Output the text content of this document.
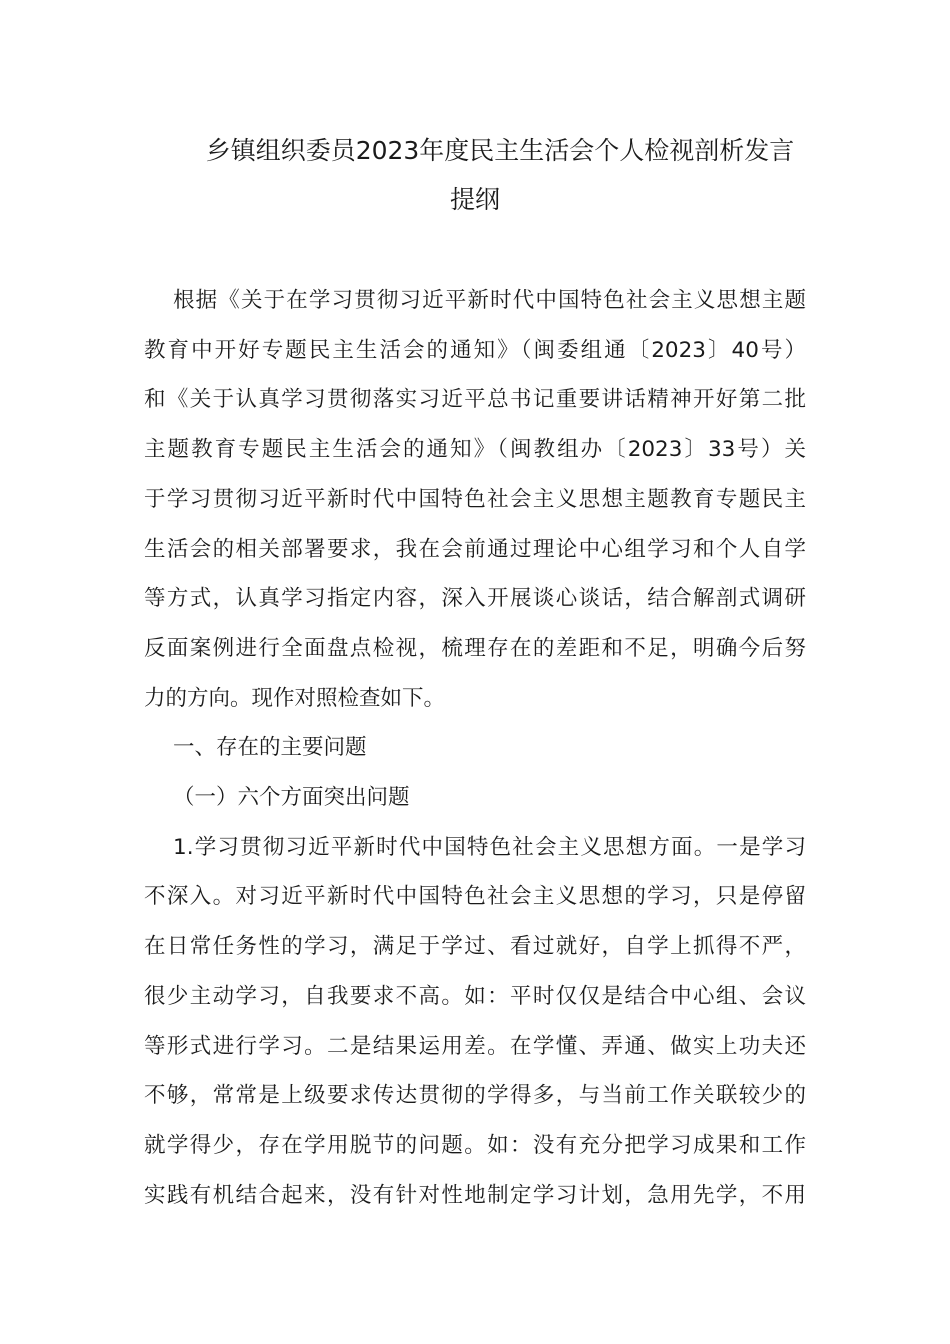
乡镇组织委员2023年度民主生活会个人检视剖析发言
提纲
根据《关于在学习贯彻习近平新时代中国特色社会主义思想主题
教育中开好专题民主生活会的通知》（闽委组通〔2023〕40号）
和《关于认真学习贯彻落实习近平总书记重要讲话精神开好第二批
主题教育专题民主生活会的通知》（闽教组办〔2023〕33号）关
于学习贯彻习近平新时代中国特色社会主义思想主题教育专题民主
生活会的相关部署要求，我在会前通过理论中心组学习和个人自学
等方式，认真学习指定内容，深入开展谈心谈话，结合解剖式调研
反面案例进行全面盘点检视，梳理存在的差距和不足，明确今后努
力的方向。现作对照检查如下。
一、存在的主要问题
（一）六个方面突出问题
1.学习贯彻习近平新时代中国特色社会主义思想方面。一是学习
不深入。对习近平新时代中国特色社会主义思想的学习，只是停留
在日常任务性的学习，满足于学过、看过就好，自学上抓得不严，
很少主动学习，自我要求不高。如：平时仅仅是结合中心组、会议
等形式进行学习。二是结果运用差。在学懂、弄通、做实上功夫还
不够，常常是上级要求传达贯彻的学得多，与当前工作关联较少的
就学得少，存在学用脱节的问题。如：没有充分把学习成果和工作
实践有机结合起来，没有针对性地制定学习计划，急用先学，不用
